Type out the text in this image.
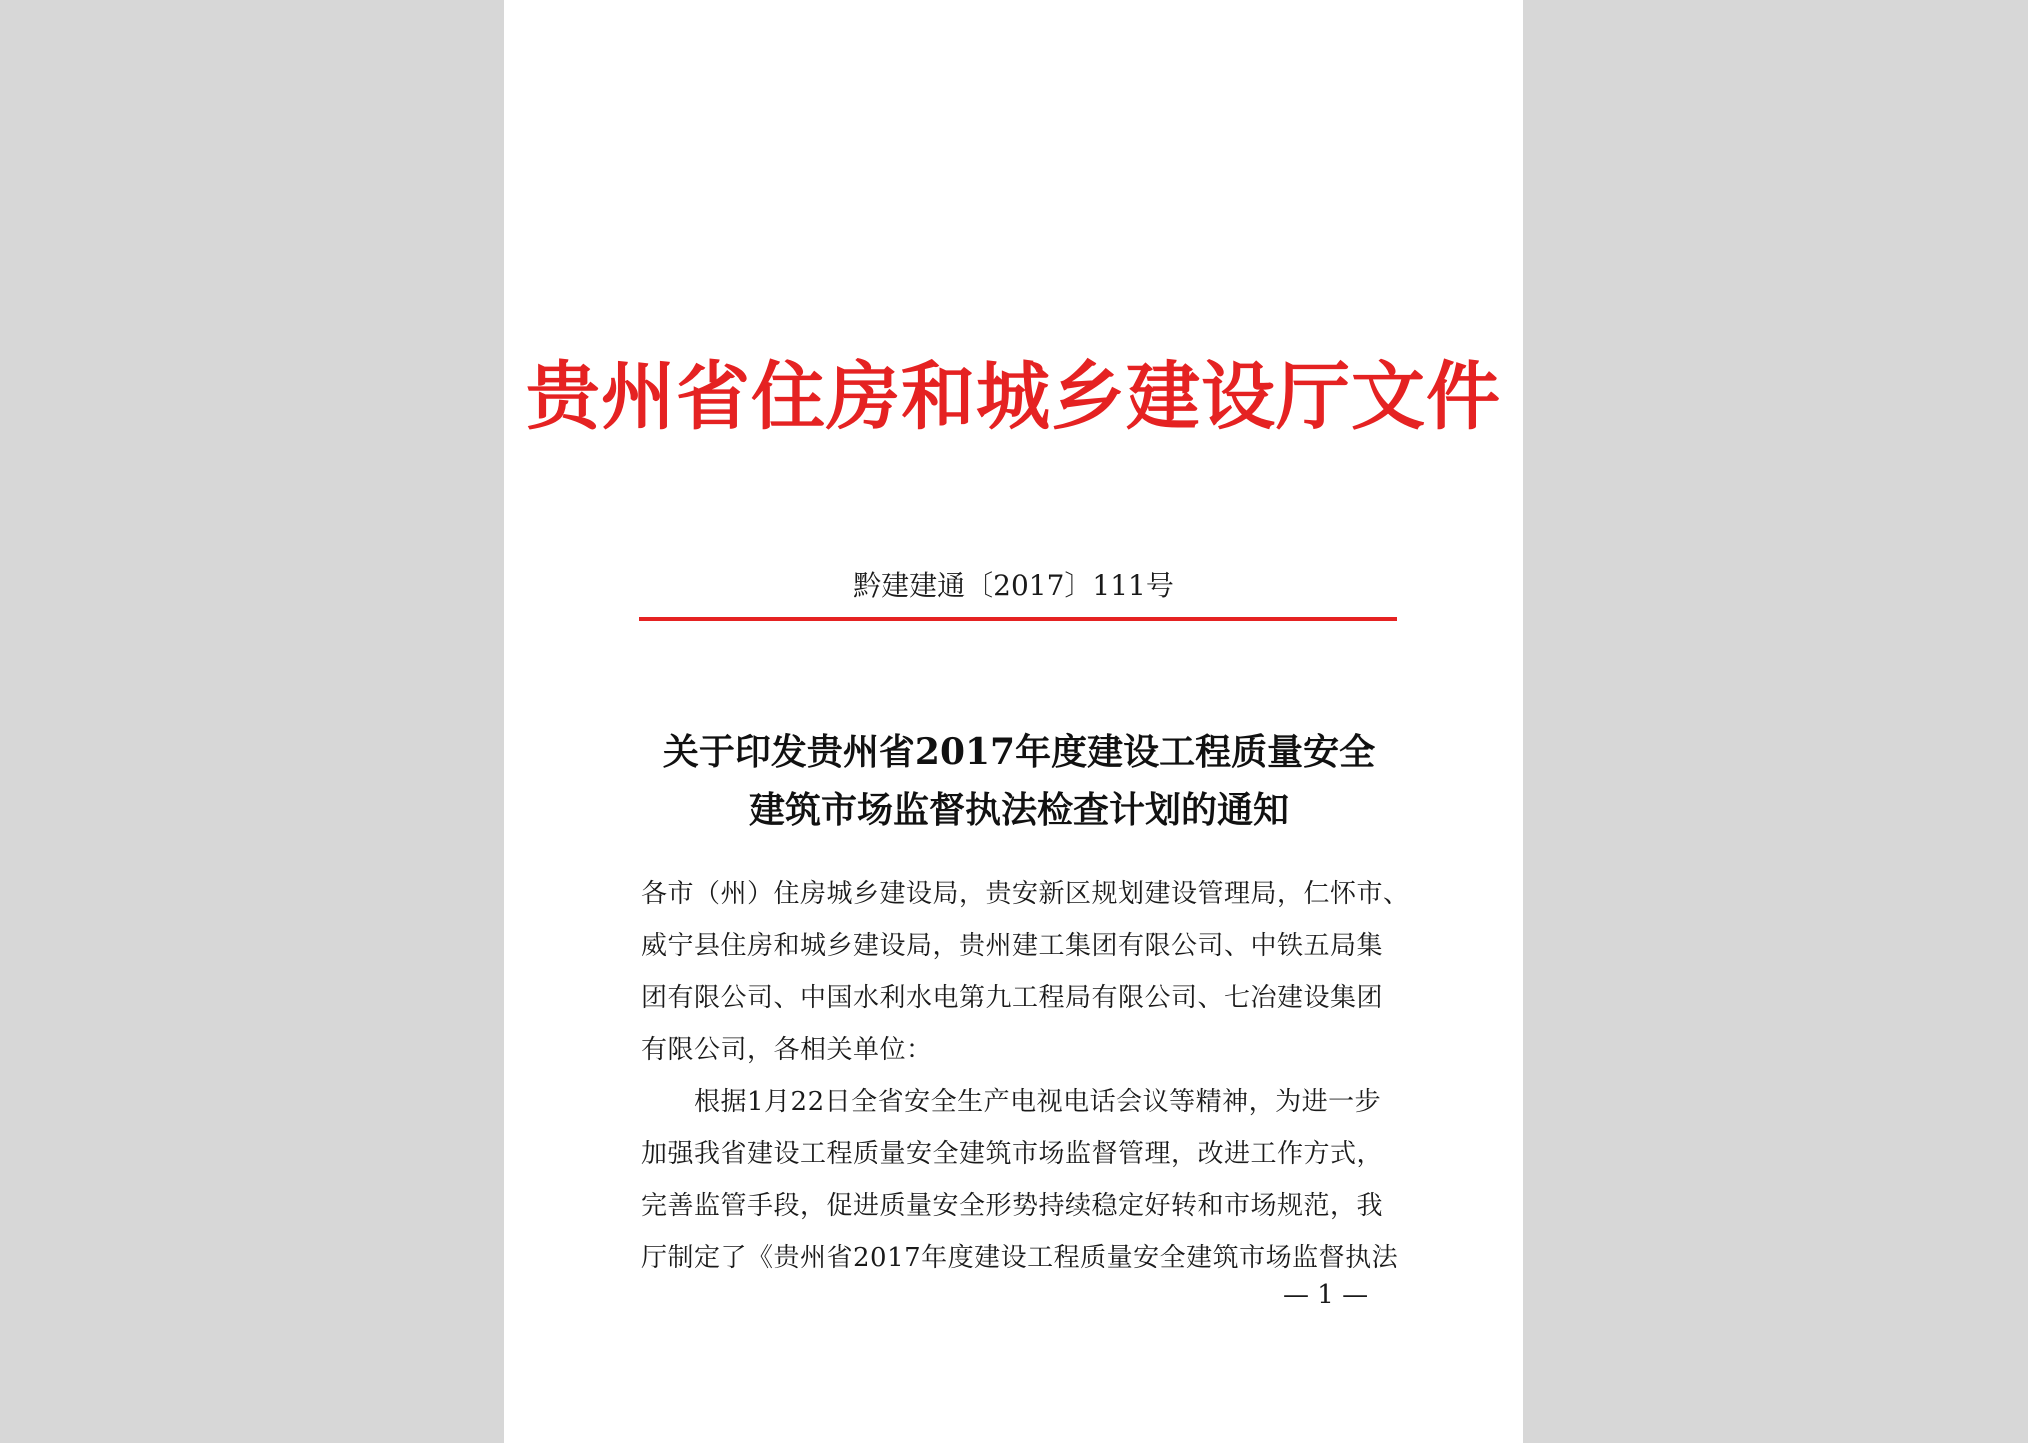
贵州省住房和城乡建设厅文件
黔建建通〔2017〕111号
关于印发贵州省2017年度建设工程质量安全
建筑市场监督执法检查计划的通知
各市（州）住房城乡建设局，贵安新区规划建设管理局，仁怀市、
威宁县住房和城乡建设局，贵州建工集团有限公司、中铁五局集
团有限公司、中国水利水电第九工程局有限公司、七冶建设集团
有限公司，各相关单位：
　　根据1月22日全省安全生产电视电话会议等精神，为进一步
加强我省建设工程质量安全建筑市场监督管理，改进工作方式，
完善监管手段，促进质量安全形势持续稳定好转和市场规范，我
厅制定了《贵州省2017年度建设工程质量安全建筑市场监督执法
— 1 —
